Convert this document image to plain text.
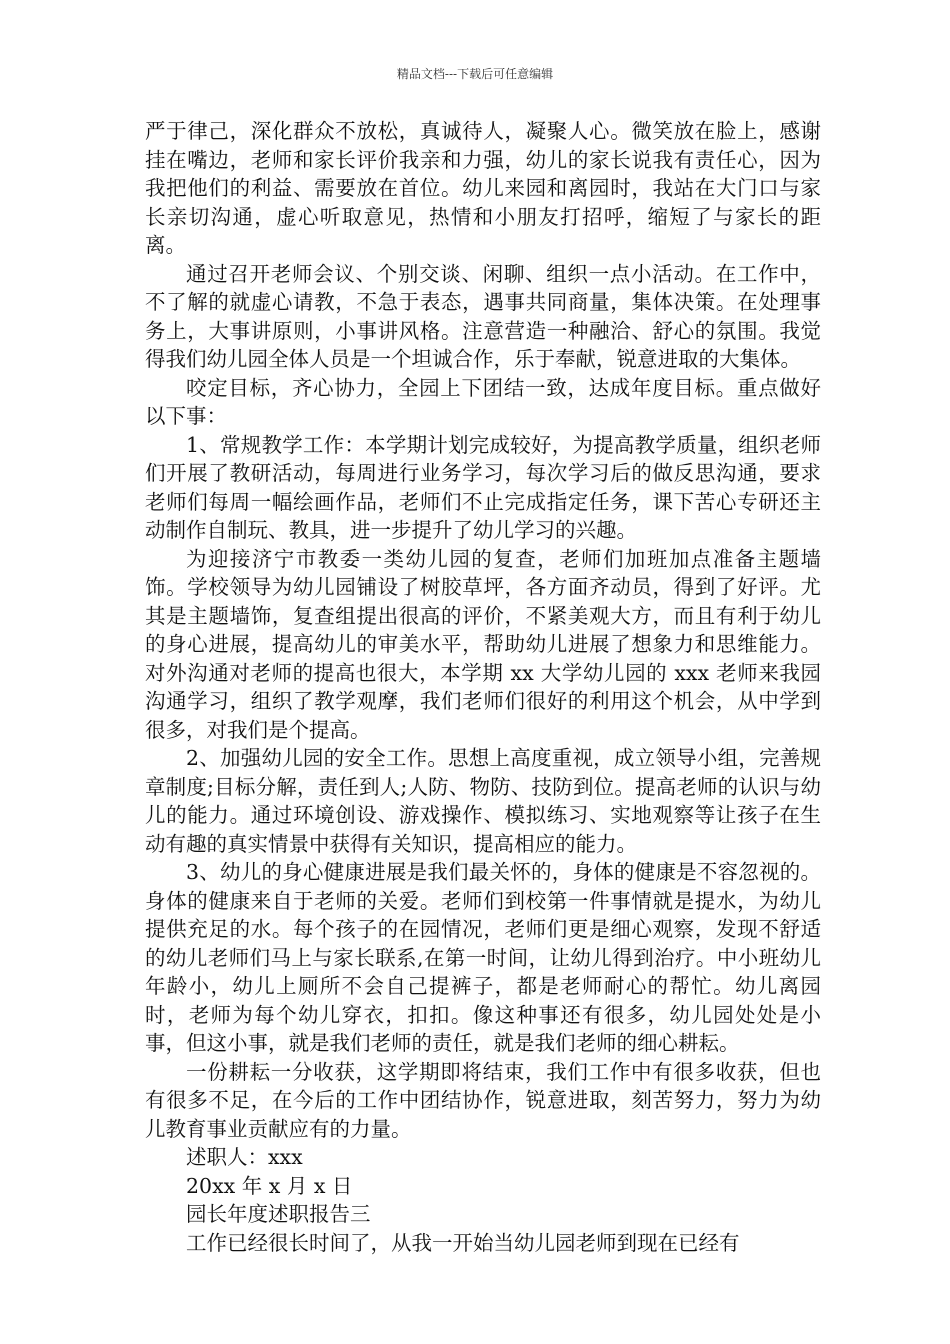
精品文档---下载后可任意编辑

严于律己，深化群众不放松，真诚待人，凝聚人心。微笑放在脸上，感谢挂在嘴边，老师和家长评价我亲和力强，幼儿的家长说我有责任心，因为我把他们的利益、需要放在首位。幼儿来园和离园时，我站在大门口与家长亲切沟通，虚心听取意见，热情和小朋友打招呼，缩短了与家长的距离。

通过召开老师会议、个别交谈、闲聊、组织一点小活动。在工作中，不了解的就虚心请教，不急于表态，遇事共同商量，集体决策。在处理事务上，大事讲原则，小事讲风格。注意营造一种融洽、舒心的氛围。我觉得我们幼儿园全体人员是一个坦诚合作，乐于奉献，锐意进取的大集体。

咬定目标，齐心协力，全园上下团结一致，达成年度目标。重点做好以下事：

1、常规教学工作：本学期计划完成较好，为提高教学质量，组织老师们开展了教研活动，每周进行业务学习，每次学习后的做反思沟通，要求老师们每周一幅绘画作品，老师们不止完成指定任务，课下苦心专研还主动制作自制玩、教具，进一步提升了幼儿学习的兴趣。

为迎接济宁市教委一类幼儿园的复查，老师们加班加点准备主题墙饰。学校领导为幼儿园铺设了树胶草坪，各方面齐动员，得到了好评。尤其是主题墙饰，复查组提出很高的评价，不紧美观大方，而且有利于幼儿的身心进展，提高幼儿的审美水平，帮助幼儿进展了想象力和思维能力。对外沟通对老师的提高也很大，本学期 xx 大学幼儿园的 xxx 老师来我园沟通学习，组织了教学观摩，我们老师们很好的利用这个机会，从中学到很多，对我们是个提高。

2、加强幼儿园的安全工作。思想上高度重视，成立领导小组，完善规章制度;目标分解，责任到人;人防、物防、技防到位。提高老师的认识与幼儿的能力。通过环境创设、游戏操作、模拟练习、实地观察等让孩子在生动有趣的真实情景中获得有关知识，提高相应的能力。

3、幼儿的身心健康进展是我们最关怀的，身体的健康是不容忽视的。身体的健康来自于老师的关爱。老师们到校第一件事情就是提水，为幼儿提供充足的水。每个孩子的在园情况，老师们更是细心观察，发现不舒适的幼儿老师们马上与家长联系,在第一时间，让幼儿得到治疗。中小班幼儿年龄小，幼儿上厕所不会自己提裤子，都是老师耐心的帮忙。幼儿离园时，老师为每个幼儿穿衣，扣扣。像这种事还有很多，幼儿园处处是小事，但这小事，就是我们老师的责任，就是我们老师的细心耕耘。

一份耕耘一分收获，这学期即将结束，我们工作中有很多收获，但也有很多不足，在今后的工作中团结协作，锐意进取，刻苦努力，努力为幼儿教育事业贡献应有的力量。

述职人：xxx

20xx 年 x 月 x 日

园长年度述职报告三

工作已经很长时间了，从我一开始当幼儿园老师到现在已经有
